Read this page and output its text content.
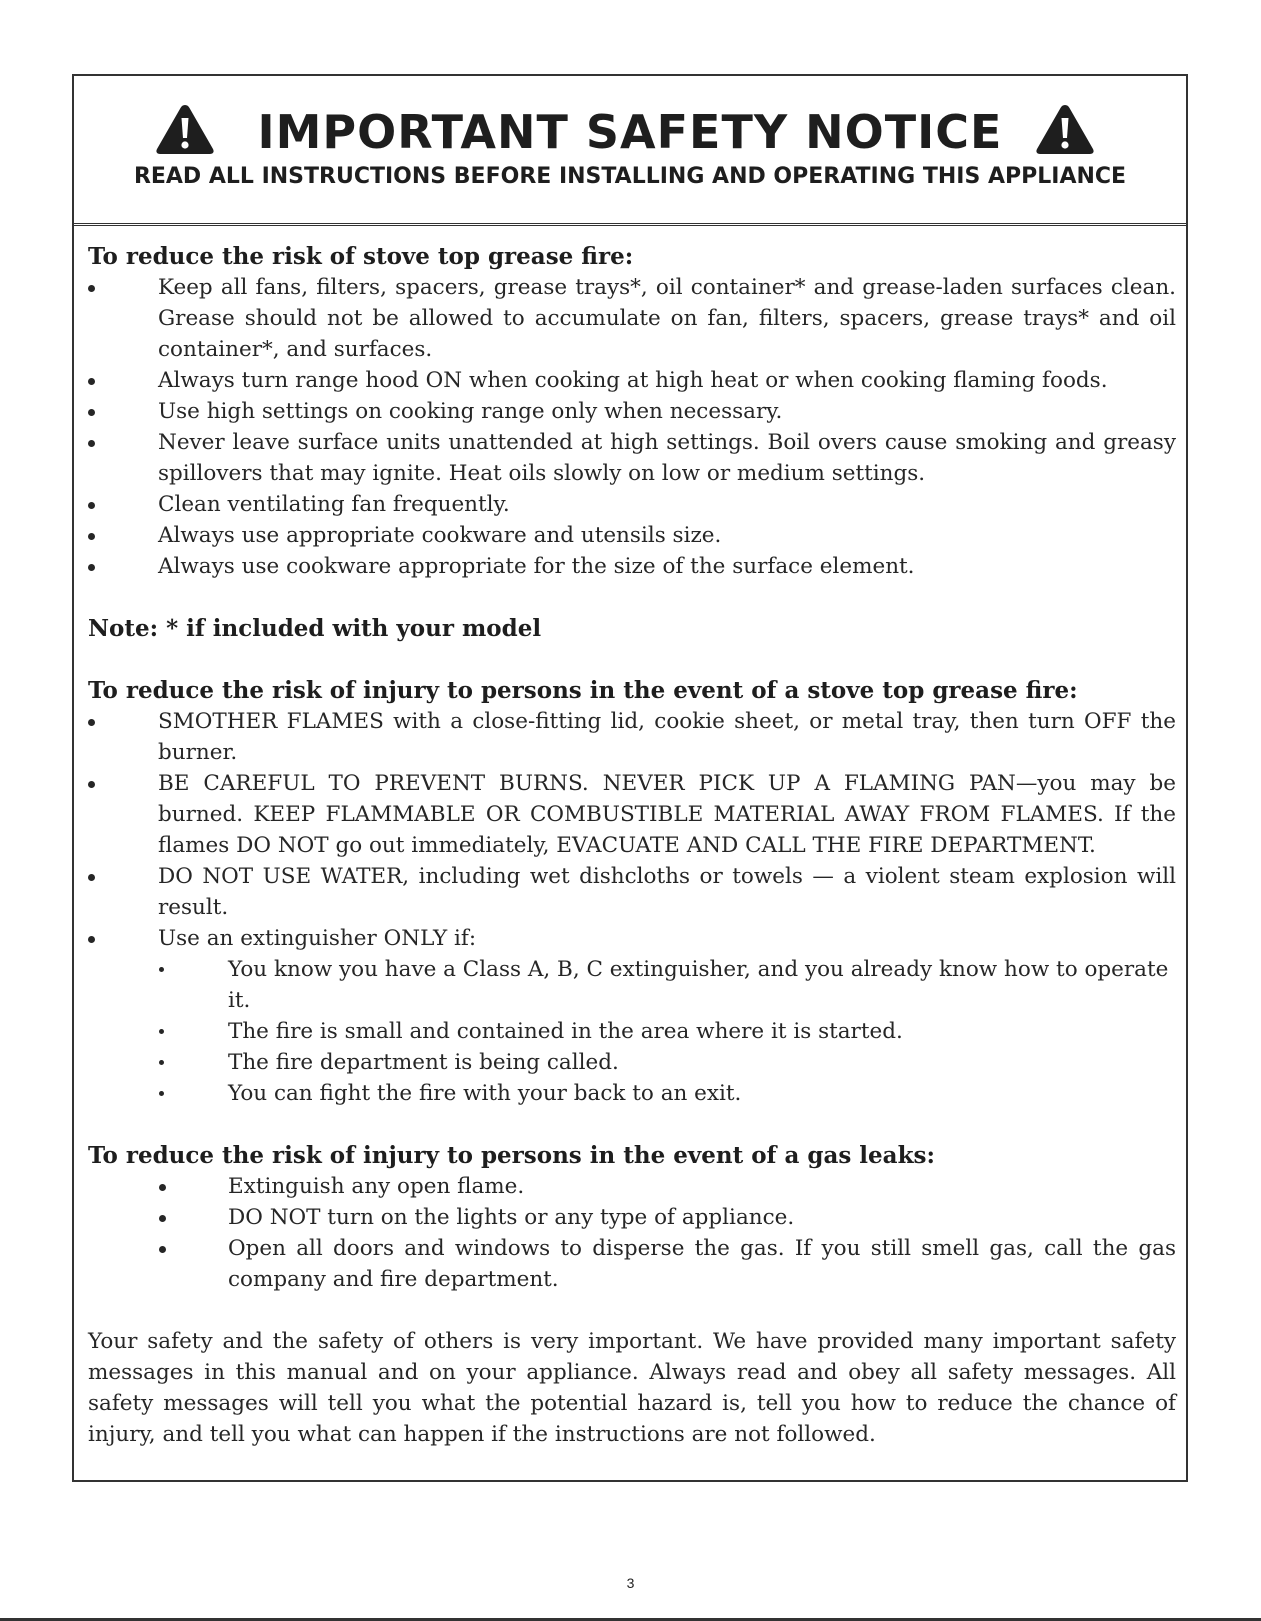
IMPORTANT SAFETY NOTICE
READ ALL INSTRUCTIONS BEFORE INSTALLING AND OPERATING THIS APPLIANCE

To reduce the risk of stove top grease fire:

Keep all fans, filters, spacers, grease trays*, oil container* and grease-laden surfaces clean. Grease should not be allowed to accumulate on fan, filters, spacers, grease trays* and oil container*, and surfaces.
Always turn range hood ON when cooking at high heat or when cooking flaming foods.
Use high settings on cooking range only when necessary.
Never leave surface units unattended at high settings. Boil overs cause smoking and greasy spillovers that may ignite. Heat oils slowly on low or medium settings.
Clean ventilating fan frequently.
Always use appropriate cookware and utensils size.
Always use cookware appropriate for the size of the surface element.

Note: * if included with your model

To reduce the risk of injury to persons in the event of a stove top grease fire:

SMOTHER FLAMES with a close-fitting lid, cookie sheet, or metal tray, then turn OFF the burner.
BE CAREFUL TO PREVENT BURNS. NEVER PICK UP A FLAMING PAN—you may be burned. KEEP FLAMMABLE OR COMBUSTIBLE MATERIAL AWAY FROM FLAMES. If the flames DO NOT go out immediately, EVACUATE AND CALL THE FIRE DEPARTMENT.
DO NOT USE WATER, including wet dishcloths or towels — a violent steam explosion will result.
Use an extinguisher ONLY if:
You know you have a Class A, B, C extinguisher, and you already know how to operate it.
The fire is small and contained in the area where it is started.
The fire department is being called.
You can fight the fire with your back to an exit.

To reduce the risk of injury to persons in the event of a gas leaks:

Extinguish any open flame.
DO NOT turn on the lights or any type of appliance.
Open all doors and windows to disperse the gas. If you still smell gas, call the gas company and fire department.

Your safety and the safety of others is very important. We have provided many important safety messages in this manual and on your appliance. Always read and obey all safety messages. All safety messages will tell you what the potential hazard is, tell you how to reduce the chance of injury, and tell you what can happen if the instructions are not followed.

3
